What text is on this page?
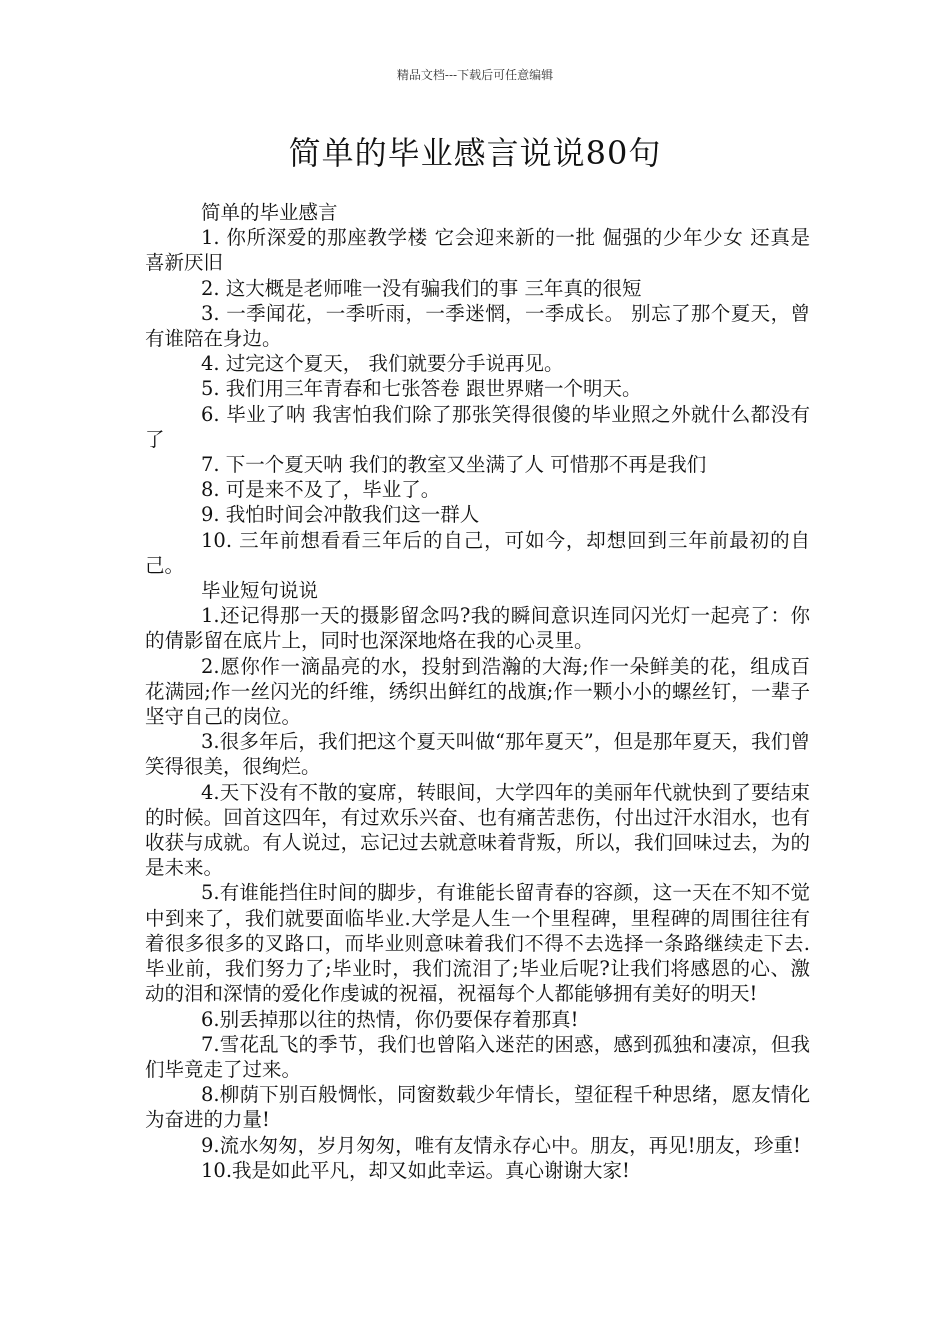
精品文档---下载后可任意编辑
简单的毕业感言说说80句

简单的毕业感言

1. 你所深爱的那座教学楼 它会迎来新的一批 倔强的少年少女 还真是 喜新厌旧

2. 这大概是老师唯一没有骗我们的事 三年真的很短

3. 一季闻花，一季听雨，一季迷惘，一季成长。 别忘了那个夏天，曾有谁陪在身边。

4. 过完这个夏天， 我们就要分手说再见。

5. 我们用三年青春和七张答卷 跟世界赌一个明天。

6. 毕业了呐 我害怕我们除了那张笑得很傻的毕业照之外就什么都没有了

7. 下一个夏天呐 我们的教室又坐满了人 可惜那不再是我们

8. 可是来不及了，毕业了。

9. 我怕时间会冲散我们这一群人

10. 三年前想看看三年后的自己，可如今，却想回到三年前最初的自己。

毕业短句说说

1.还记得那一天的摄影留念吗?我的瞬间意识连同闪光灯一起亮了：你的倩影留在底片上，同时也深深地烙在我的心灵里。

2.愿你作一滴晶亮的水，投射到浩瀚的大海;作一朵鲜美的花，组成百花满园;作一丝闪光的纤维，绣织出鲜红的战旗;作一颗小小的螺丝钉，一辈子坚守自己的岗位。

3.很多年后，我们把这个夏天叫做“那年夏天”，但是那年夏天，我们曾笑得很美，很绚烂。

4.天下没有不散的宴席，转眼间，大学四年的美丽年代就快到了要结束的时候。回首这四年，有过欢乐兴奋、也有痛苦悲伤，付出过汗水泪水，也有收获与成就。有人说过，忘记过去就意味着背叛，所以，我们回味过去，为的是未来。

5.有谁能挡住时间的脚步，有谁能长留青春的容颜，这一天在不知不觉中到来了，我们就要面临毕业.大学是人生一个里程碑，里程碑的周围往往有着很多很多的叉路口，而毕业则意味着我们不得不去选择一条路继续走下去.毕业前，我们努力了;毕业时，我们流泪了;毕业后呢?让我们将感恩的心、激动的泪和深情的爱化作虔诚的祝福，祝福每个人都能够拥有美好的明天!

6.别丢掉那以往的热情，你仍要保存着那真!

7.雪花乱飞的季节，我们也曾陷入迷茫的困惑，感到孤独和凄凉，但我们毕竟走了过来。

8.柳荫下别百般惆怅，同窗数载少年情长，望征程千种思绪，愿友情化为奋进的力量!

9.流水匆匆，岁月匆匆，唯有友情永存心中。朋友，再见!朋友，珍重!

10.我是如此平凡，却又如此幸运。真心谢谢大家!
